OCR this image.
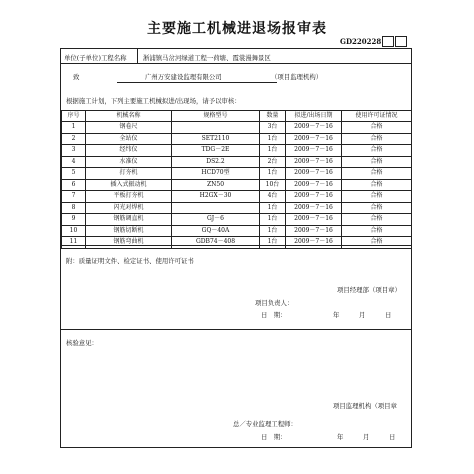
主要施工机械进退场报审表
GD220228
单位(子单位)工程名称	淅浦镇马岔河绿道工程一荷塘、霞裳漫舞景区
致	广州万安建设监理有限公司	（项目监理机构）
根据施工计划，下列主要施工机械拟进/出现场，请予以审核：
序号	机械名称	规格型号	数量	拟进/出场日期	使用许可证情况
1	钢卷尺		3台	2009－7－16	合格
2	全站仪	SET2110	1台	2009－7－16	合格
3	经纬仪	TDG－2E	1台	2009－7－16	合格
4	水准仪	DS2.2	2台	2009－7－16	合格
5	打夯机	HCD70型	1台	2009－7－16	合格
6	插入式振动机	ZN50	10台	2009－7－16	合格
7	平板打夯机	H2GX－30	4台	2009－7－16	合格
8	闪光对焊机		1台	2009－7－16	合格
9	钢筋调直机	GJ－6	1台	2009－7－16	合格
10	钢筋切断机	GQ－40A	1台	2009－7－16	合格
11	钢筋弯曲机	GDB74－408	1台	2009－7－16	合格
附：质量证明文件、检定证书、使用许可证书
项目经理部（项目章）
项目负责人：
日　期：	年	月	日
核验意见：
项目监理机构（项目章
总／专业监理工程师：
日　期：	年	月	日
